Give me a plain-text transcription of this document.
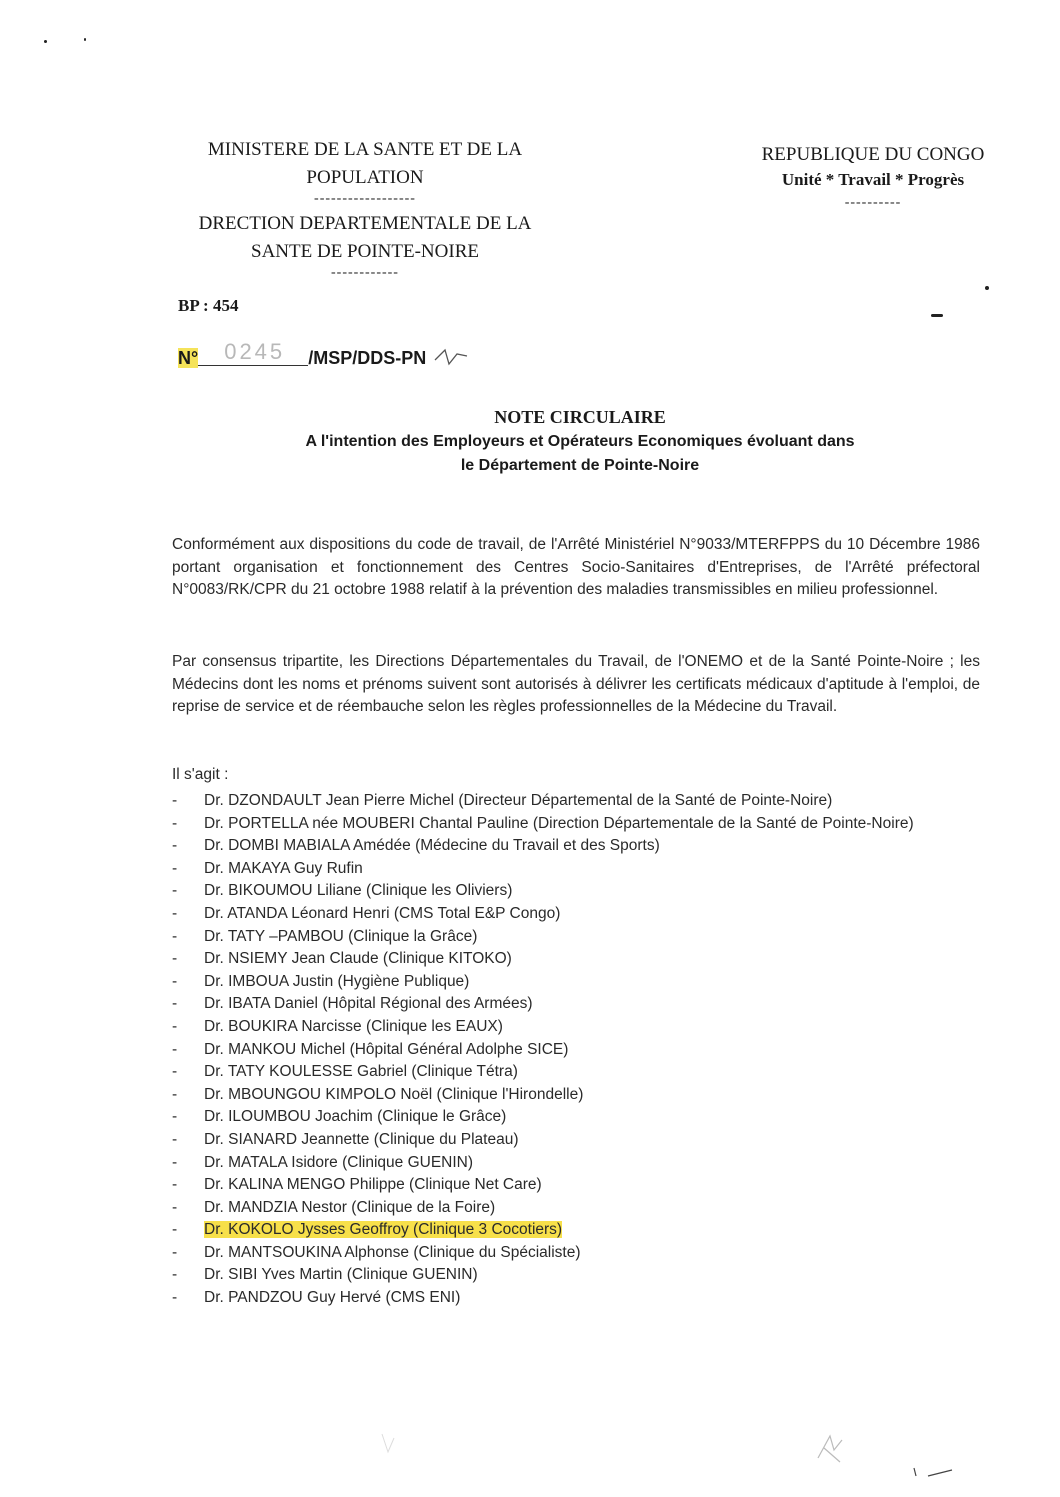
MINISTERE DE LA SANTE ET DE LA
POPULATION
------------------
DRECTION DEPARTEMENTALE DE LA
SANTE DE POINTE-NOIRE
------------
REPUBLIQUE DU CONGO
Unité * Travail * Progrès
----------
BP : 454
N° 0245 /MSP/DDS-PN
NOTE CIRCULAIRE
A l'intention des Employeurs et Opérateurs Economiques évoluant dans
le Département de Pointe-Noire
Conformément aux dispositions du code de travail, de l'Arrêté Ministériel N°9033/MTERFPPS du 10 Décembre 1986 portant organisation et fonctionnement des Centres Socio-Sanitaires d'Entreprises, de l'Arrêté préfectoral N°0083/RK/CPR du 21 octobre 1988 relatif à la prévention des maladies transmissibles en milieu professionnel.
Par consensus tripartite, les Directions Départementales du Travail, de l'ONEMO et de la Santé Pointe-Noire ; les Médecins dont les noms et prénoms suivent sont autorisés à délivrer les certificats médicaux d'aptitude à l'emploi, de reprise de service et de réembauche selon les règles professionnelles de la Médecine du Travail.
Il s'agit :
- Dr. DZONDAULT Jean Pierre Michel (Directeur Départemental de la Santé de Pointe-Noire)
- Dr. PORTELLA née MOUBERI Chantal Pauline (Direction Départementale de la Santé de Pointe-Noire)
- Dr. DOMBI MABIALA Amédée (Médecine du Travail et des Sports)
- Dr. MAKAYA Guy Rufin
- Dr. BIKOUMOU Liliane (Clinique les Oliviers)
- Dr. ATANDA Léonard Henri (CMS Total E&P Congo)
- Dr. TATY –PAMBOU (Clinique la Grâce)
- Dr. NSIEMY Jean Claude (Clinique KITOKO)
- Dr. IMBOUA Justin (Hygiène Publique)
- Dr. IBATA Daniel (Hôpital Régional des Armées)
- Dr. BOUKIRA Narcisse (Clinique les EAUX)
- Dr. MANKOU Michel (Hôpital Général Adolphe SICE)
- Dr. TATY KOULESSE Gabriel (Clinique Tétra)
- Dr. MBOUNGOU KIMPOLO Noël (Clinique l'Hirondelle)
- Dr. ILOUMBOU Joachim (Clinique le Grâce)
- Dr. SIANARD Jeannette (Clinique du Plateau)
- Dr. MATALA Isidore (Clinique GUENIN)
- Dr. KALINA MENGO Philippe (Clinique Net Care)
- Dr. MANDZIA Nestor (Clinique de la Foire)
- Dr. KOKOLO Jysses Geoffroy (Clinique 3 Cocotiers)
- Dr. MANTSOUKINA Alphonse (Clinique du Spécialiste)
- Dr. SIBI Yves Martin (Clinique GUENIN)
- Dr. PANDZOU Guy Hervé (CMS ENI)
